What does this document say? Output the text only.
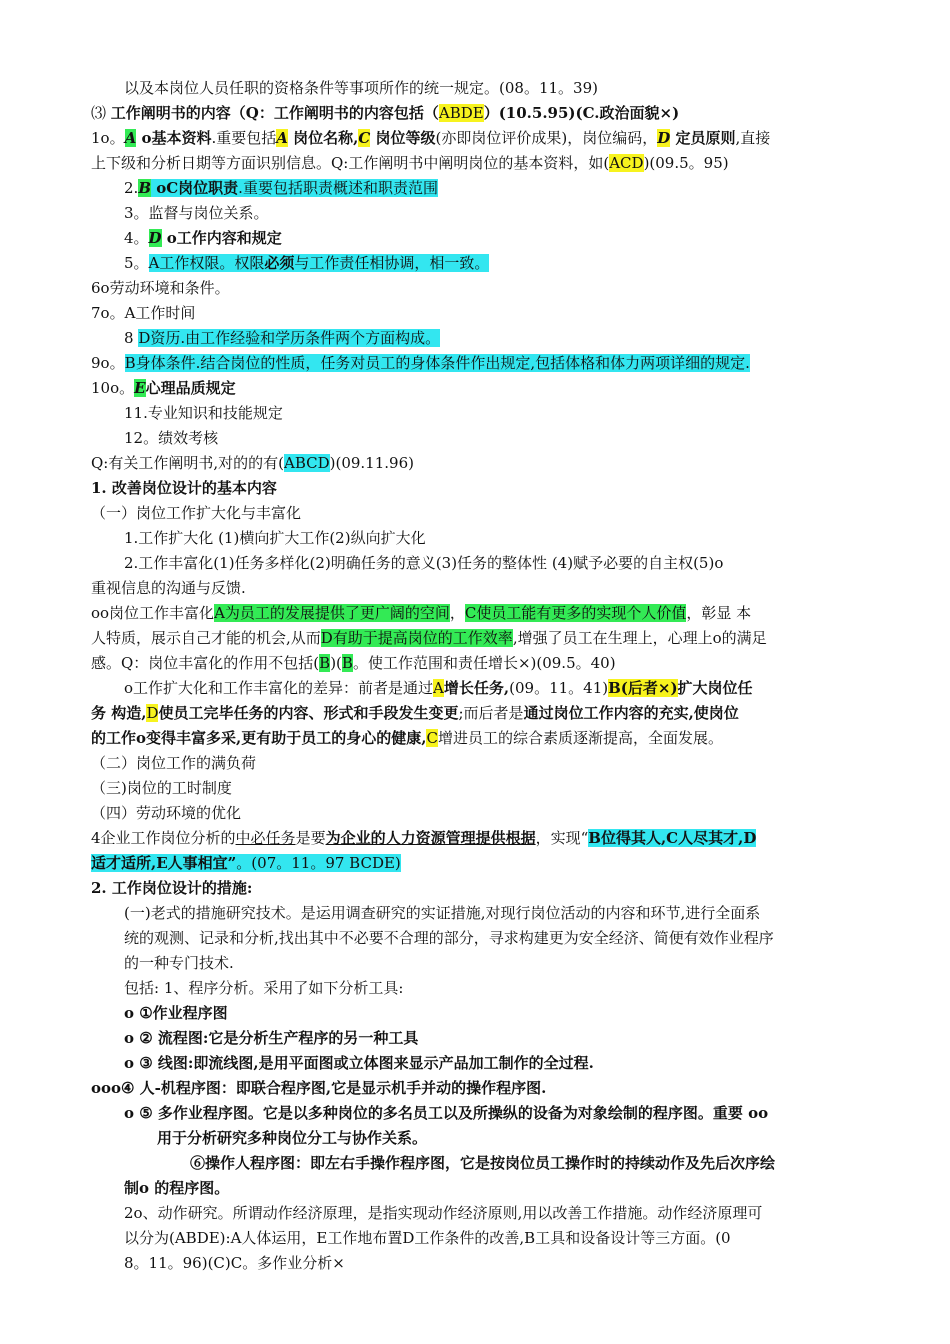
以及本岗位人员任职的资格条件等事项所作的统一规定。(08。11。39)
⑶ 工作阐明书的内容（Q：工作阐明书的内容包括（ABDE）(10.5.95)(C.政治面貌×)
1o。A o基本资料.重要包括A 岗位名称,C 岗位等级(亦即岗位评价成果)，岗位编码，D 定员原则,直接
上下级和分析日期等方面识别信息。Q:工作阐明书中阐明岗位的基本资料，如(ACD)(09.5。95)
2.B oC岗位职责.重要包括职责概述和职责范围
3。监督与岗位关系。
4。D o工作内容和规定
5。A工作权限。权限必须与工作责任相协调，相一致。
6o劳动环境和条件。
7o。A工作时间
8 D资历.由工作经验和学历条件两个方面构成。
9o。B身体条件.结合岗位的性质，任务对员工的身体条件作出规定,包括体格和体力两项详细的规定.
10o。E心理品质规定
11.专业知识和技能规定
12。绩效考核
Q:有关工作阐明书,对的的有(ABCD)(09.11.96)
1. 改善岗位设计的基本内容
（一）岗位工作扩大化与丰富化
1.工作扩大化 (1)横向扩大工作(2)纵向扩大化
2.工作丰富化(1)任务多样化(2)明确任务的意义(3)任务的整体性 (4)赋予必要的自主权(5)o
重视信息的沟通与反馈.
oo岗位工作丰富化A为员工的发展提供了更广阔的空间，C使员工能有更多的实现个人价值，彰显 本
人特质，展示自己才能的机会,从而D有助于提高岗位的工作效率,增强了员工在生理上，心理上o的满足
感。Q：岗位丰富化的作用不包括(B)(B。使工作范围和责任增长×)(09.5。40)
o工作扩大化和工作丰富化的差异：前者是通过A增长任务,(09。11。41)B(后者×)扩大岗位任
务 构造,D使员工完毕任务的内容、形式和手段发生变更;而后者是通过岗位工作内容的充实,使岗位
的工作o变得丰富多采,更有助于员工的身心的健康,C增进员工的综合素质逐渐提高，全面发展。
（二）岗位工作的满负荷
（三)岗位的工时制度
（四）劳动环境的优化
4企业工作岗位分析的中必任务是要为企业的人力资源管理提供根据，实现“B位得其人,C人尽其才,D
适才适所,E人事相宜”。(07。11。97 BCDE)
2. 工作岗位设计的措施:
(一)老式的措施研究技术。是运用调查研究的实证措施,对现行岗位活动的内容和环节,进行全面系
统的观测、记录和分析,找出其中不必要不合理的部分，寻求构建更为安全经济、简便有效作业程序
的一种专门技术.
包括: 1、程序分析。采用了如下分析工具:
o ①作业程序图
o ② 流程图:它是分析生产程序的另一种工具
o ③ 线图:即流线图,是用平面图或立体图来显示产品加工制作的全过程.
ooo④ 人-机程序图：即联合程序图,它是显示机手并动的操作程序图.
o ⑤ 多作业程序图。它是以多种岗位的多名员工以及所操纵的设备为对象绘制的程序图。重要 oo
用于分析研究多种岗位分工与协作关系。
⑥操作人程序图：即左右手操作程序图，它是按岗位员工操作时的持续动作及先后次序绘
制o 的程序图。
2o、动作研究。所谓动作经济原理，是指实现动作经济原则,用以改善工作措施。动作经济原理可
以分为(ABDE):A人体运用，E工作地布置D工作条件的改善,B工具和设备设计等三方面。(0
8。11。96)(C)C。多作业分析×
